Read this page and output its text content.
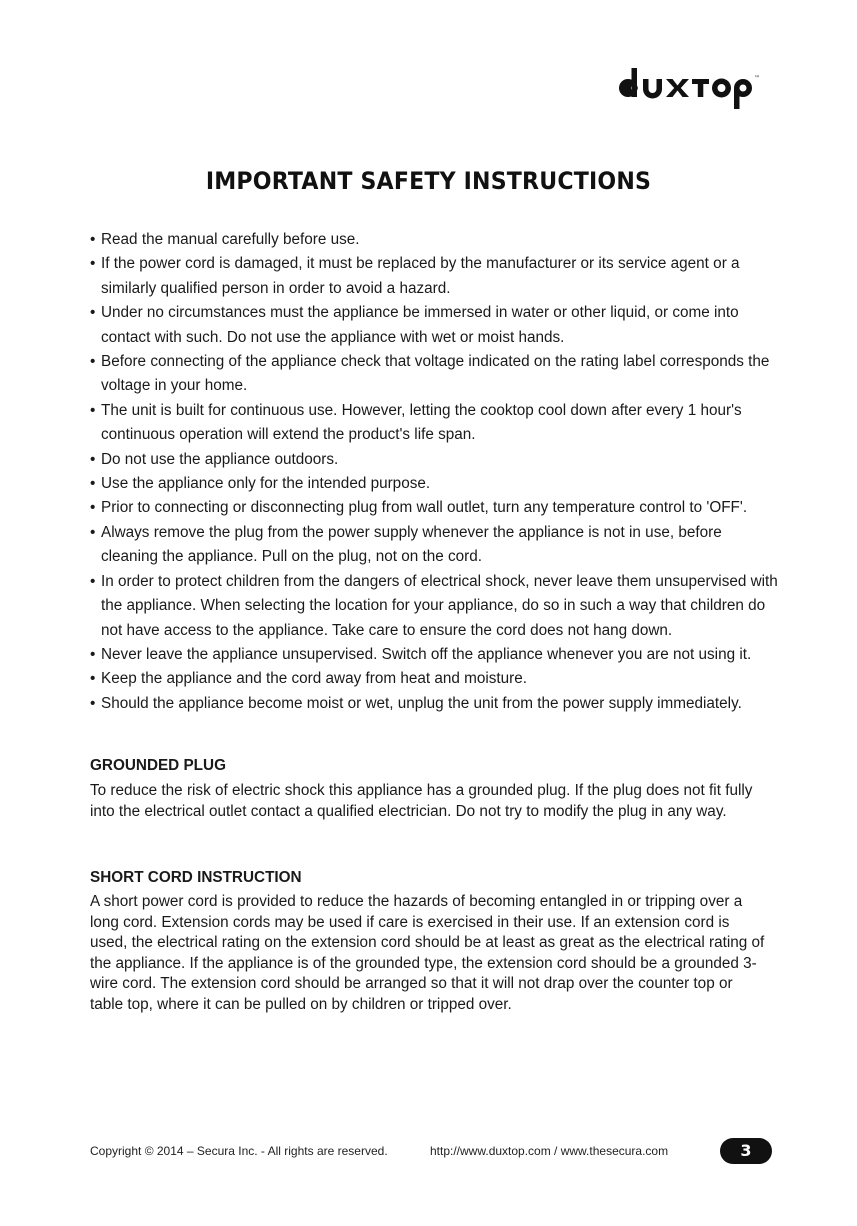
™
IMPORTANT SAFETY INSTRUCTIONS
• Read the manual carefully before use.
• If the power cord is damaged, it must be replaced by the manufacturer or its service agent or a similarly qualified person in order to avoid a hazard.
• Under no circumstances must the appliance be immersed in water or other liquid, or come into contact with such. Do not use the appliance with wet or moist hands.
• Before connecting of the appliance check that voltage indicated on the rating label corresponds the voltage in your home.
• The unit is built for continuous use. However, letting the cooktop cool down after every 1 hour's continuous operation will extend the product's life span.
• Do not use the appliance outdoors.
• Use the appliance only for the intended purpose.
• Prior to connecting or disconnecting plug from wall outlet, turn any temperature control to 'OFF'.
• Always remove the plug from the power supply whenever the appliance is not in use, before cleaning the appliance. Pull on the plug, not on the cord.
• In order to protect children from the dangers of electrical shock, never leave them unsupervised with the appliance. When selecting the location for your appliance, do so in such a way that children do not have access to the appliance. Take care to ensure the cord does not hang down.
• Never leave the appliance unsupervised. Switch off the appliance whenever you are not using it.
• Keep the appliance and the cord away from heat and moisture.
• Should the appliance become moist or wet, unplug the unit from the power supply immediately.
GROUNDED PLUG

To reduce the risk of electric shock this appliance has a grounded plug. If the plug does not fit fully into the electrical outlet contact a qualified electrician. Do not try to modify the plug in any way.

SHORT CORD INSTRUCTION

A short power cord is provided to reduce the hazards of becoming entangled in or tripping over a long cord. Extension cords may be used if care is exercised in their use. If an extension cord is used, the electrical rating on the extension cord should be at least as great as the electrical rating of the appliance. If the appliance is of the grounded type, the extension cord should be a grounded 3-wire cord. The extension cord should be arranged so that it will not drap over the counter top or table top, where it can be pulled on by children or tripped over.

Copyright © 2014 – Secura Inc. - All rights are reserved.	http://www.duxtop.com / www.thesecura.com	3
